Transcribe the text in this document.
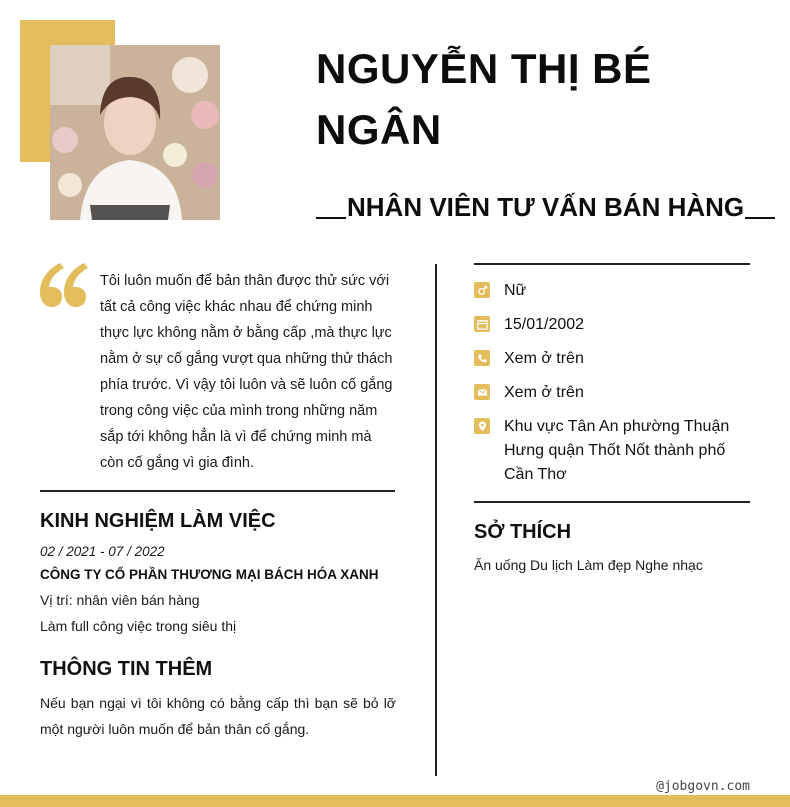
NGUYỄN THỊ BÉ NGÂN
NHÂN VIÊN TƯ VẤN BÁN HÀNG
Tôi luôn muốn để bản thân được thử sức với tất cả công việc khác nhau để chứng minh thực lực không nằm ở bằng cấp ,mà thực lực nằm ở sự cố gắng vượt qua những thử thách phía trước. Vì vậy tôi luôn và sẽ luôn cố gắng trong công việc của mình trong những năm sắp tới không hẳn là vì để chứng minh mà còn cố gắng vì gia đình.
KINH NGHIỆM LÀM VIỆC
02 / 2021 - 07 / 2022
CÔNG TY CỔ PHẦN THƯƠNG MẠI BÁCH HÓA XANH
Vị trí: nhân viên bán hàng
Làm full công việc trong siêu thị
THÔNG TIN THÊM
Nếu bạn ngại vì tôi không có bằng cấp thì bạn sẽ bỏ lỡ một người luôn muốn để bản thân cố gắng.
Nữ
15/01/2002
Xem ở trên
Xem ở trên
Khu vực Tân An phường Thuận Hưng quận Thốt Nốt thành phố Cần Thơ
SỞ THÍCH
Ăn uống Du lịch Làm đẹp Nghe nhạc
@jobgovn.com
